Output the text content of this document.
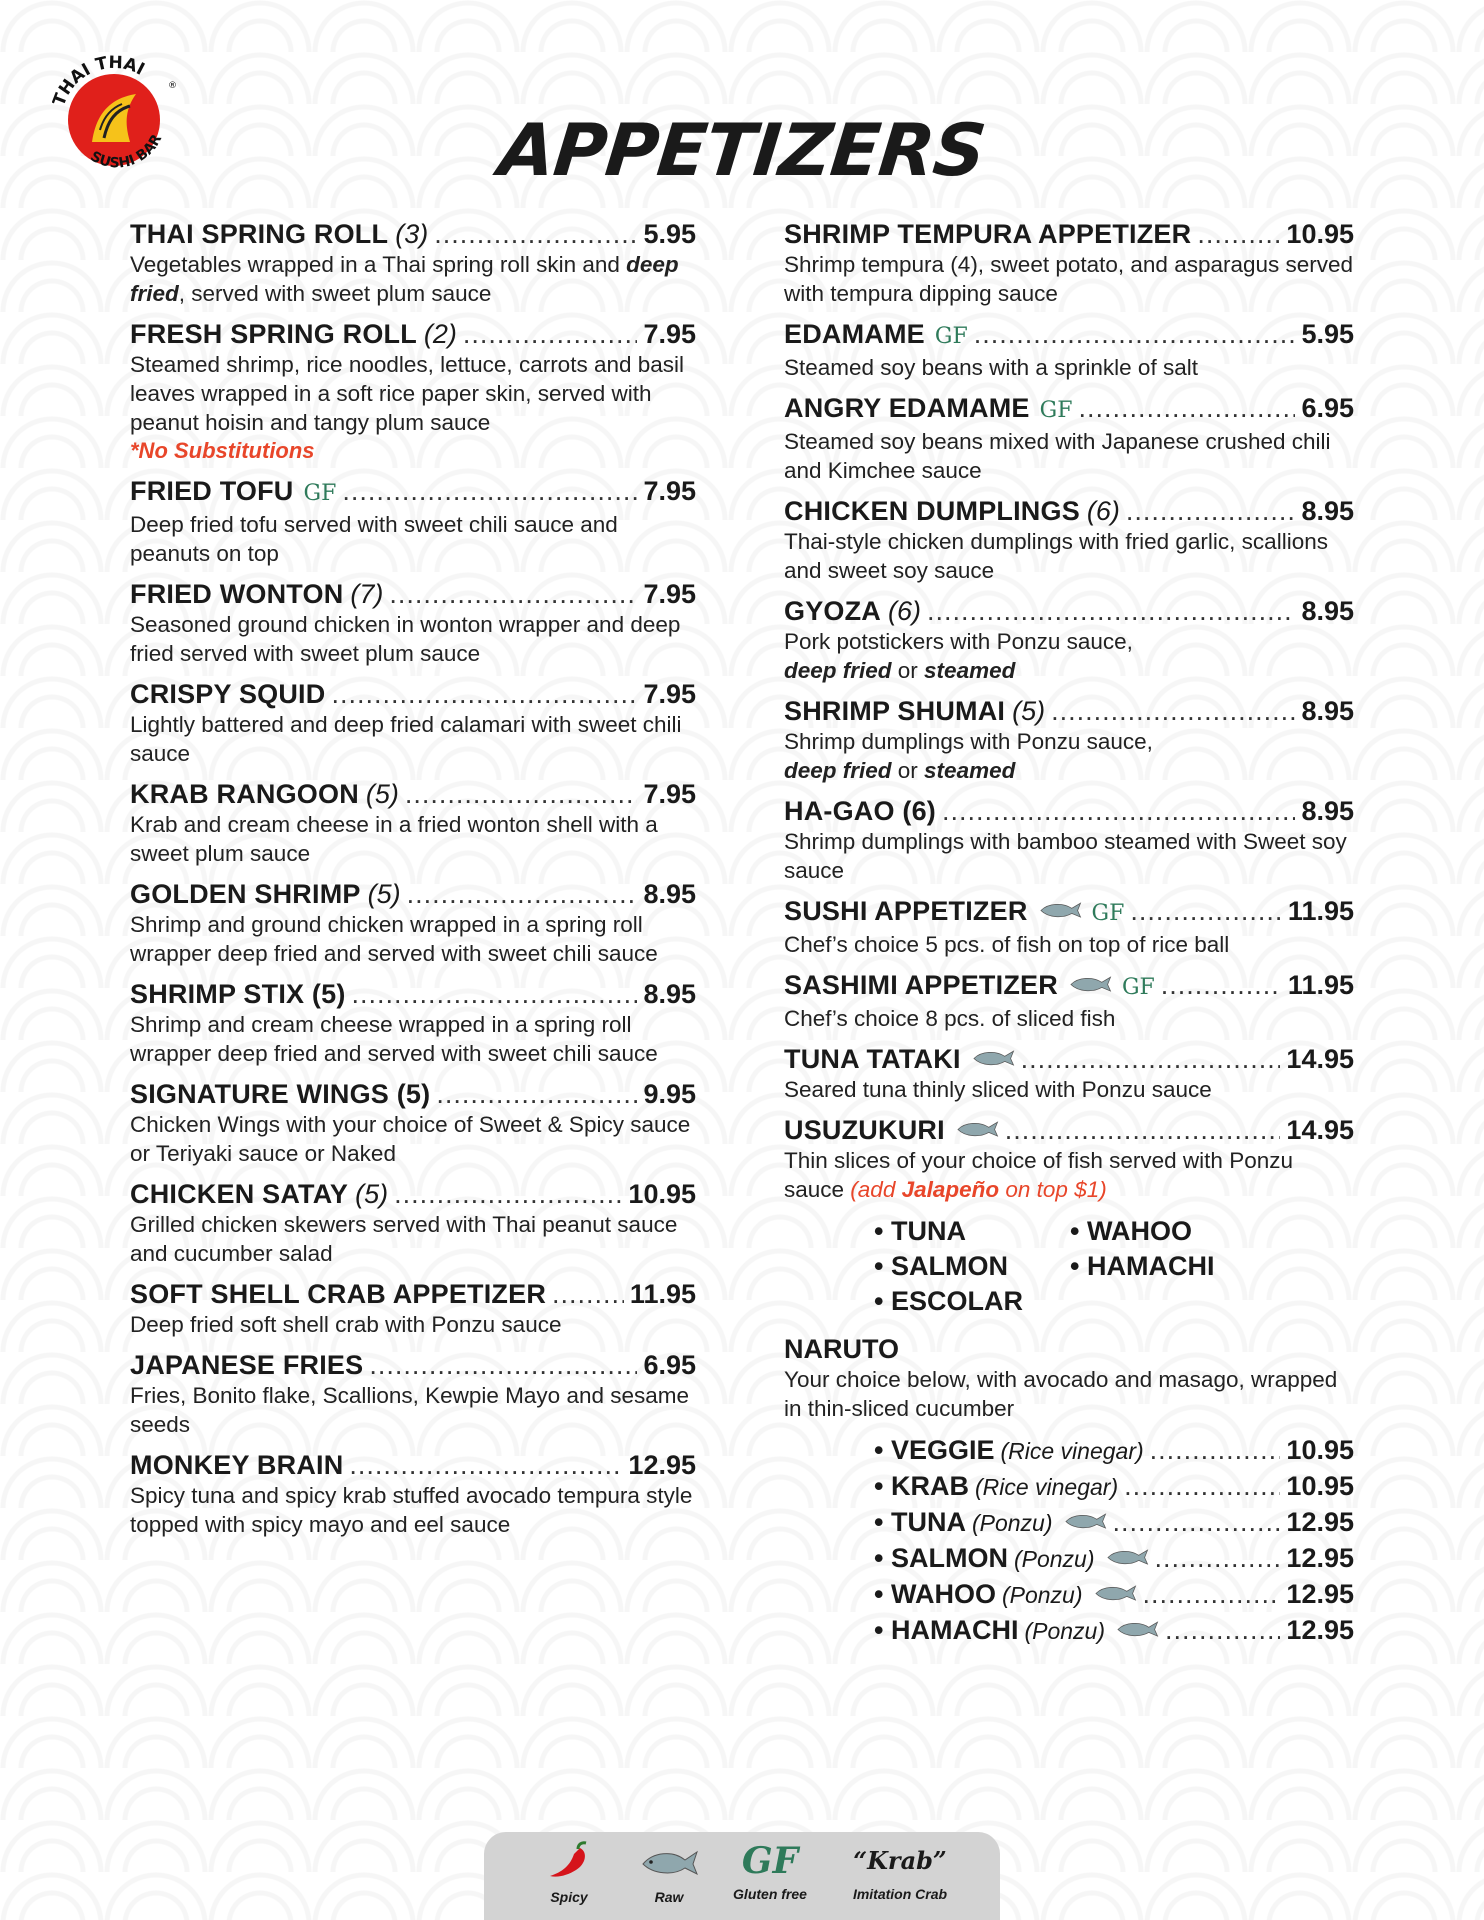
HAI THAI
SUSHI BAR
®
APPETIZERS
THAI SPRING ROLL (3) .....	5.95
Vegetables wrapped in a Thai spring roll skin and deep fried, served with sweet plum sauce
FRESH SPRING ROLL (2) .....	7.95
Steamed shrimp, rice noodles, lettuce, carrots and basil leaves wrapped in a soft rice paper skin, served with peanut hoisin and tangy plum sauce
*No Substitutions
FRIED TOFU GF .....	7.95
Deep fried tofu served with sweet chili sauce and peanuts on top
FRIED WONTON (7) .....	7.95
Seasoned ground chicken in wonton wrapper and deep fried served with sweet plum sauce
CRISPY SQUID .....	7.95
Lightly battered and deep fried calamari with sweet chili sauce
KRAB RANGOON (5) .....	7.95
Krab and cream cheese in a fried wonton shell with a sweet plum sauce
GOLDEN SHRIMP (5) .....	8.95
Shrimp and ground chicken wrapped in a spring roll wrapper deep fried and served with sweet chili sauce
SHRIMP STIX (5) .....	8.95
Shrimp and cream cheese wrapped in a spring roll wrapper deep fried and served with sweet chili sauce
SIGNATURE WINGS (5) .....	9.95
Chicken Wings with your choice of Sweet & Spicy sauce or Teriyaki sauce or Naked
CHICKEN SATAY (5) .....	10.95
Grilled chicken skewers served with Thai peanut sauce and cucumber salad
SOFT SHELL CRAB APPETIZER .....	11.95
Deep fried soft shell crab with Ponzu sauce
JAPANESE FRIES .....	6.95
Fries, Bonito flake, Scallions, Kewpie Mayo and sesame seeds
MONKEY BRAIN .....	12.95
Spicy tuna and spicy krab stuffed avocado tempura style topped with spicy mayo and eel sauce
SHRIMP TEMPURA APPETIZER .....	10.95
Shrimp tempura (4), sweet potato, and asparagus served with tempura dipping sauce
EDAMAME GF .....	5.95
Steamed soy beans with a sprinkle of salt
ANGRY EDAMAME GF .....	6.95
Steamed soy beans mixed with Japanese crushed chili and Kimchee sauce
CHICKEN DUMPLINGS (6) .....	8.95
Thai-style chicken dumplings with fried garlic, scallions and sweet soy sauce
GYOZA (6) .....	8.95
Pork potstickers with Ponzu sauce,
deep fried or steamed
SHRIMP SHUMAI (5) .....	8.95
Shrimp dumplings with Ponzu sauce,
deep fried or steamed
HA-GAO (6) .....	8.95
Shrimp dumplings with bamboo steamed with Sweet soy sauce
SUSHI APPETIZER	GF .....	11.95
Chef’s choice 5 pcs. of fish on top of rice ball
SASHIMI APPETIZER	GF .....	11.95
Chef’s choice 8 pcs. of sliced fish
TUNA TATAKI .....	14.95
Seared tuna thinly sliced with Ponzu sauce
USUZUKURI .....	14.95
Thin slices of your choice of fish served with Ponzu sauce (add Jalapeño on top $1)
• TUNA	• WAHOO
• SALMON	• HAMACHI
• ESCOLAR
NARUTO
Your choice below, with avocado and masago, wrapped in thin-sliced cucumber
• VEGGIE (Rice vinegar) .....	10.95
• KRAB (Rice vinegar) .....	10.95
• TUNA (Ponzu) .....	12.95
• SALMON (Ponzu) .....	12.95
• WAHOO (Ponzu) .....	12.95
• HAMACHI (Ponzu) .....	12.95
Spicy	Raw
GF
Gluten free
“Krab”
Imitation Crab
